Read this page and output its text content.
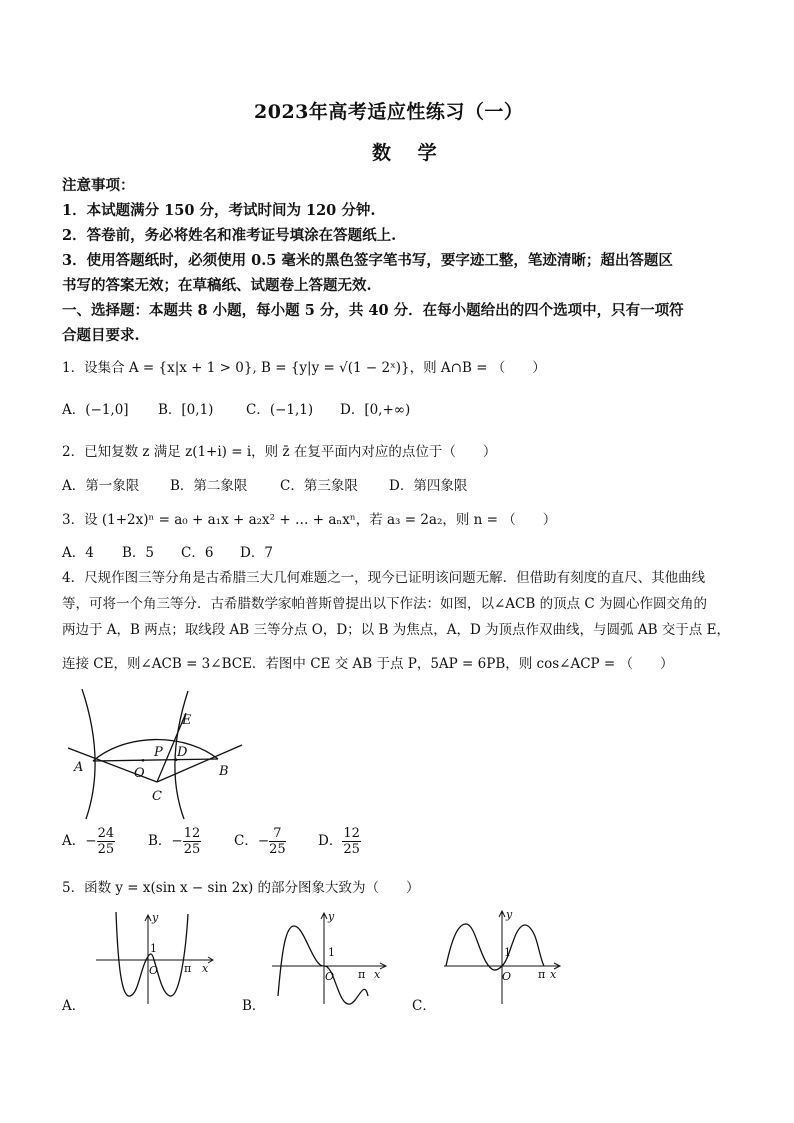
2023年高考适应性练习（一）
数 学
注意事项：
1．本试题满分 150 分，考试时间为 120 分钟.
2．答卷前，务必将姓名和准考证号填涂在答题纸上.
3．使用答题纸时，必须使用 0.5 毫米的黑色签字笔书写，要字迹工整，笔迹清晰；超出答题区
书写的答案无效；在草稿纸、试题卷上答题无效.
一、选择题：本题共 8 小题，每小题 5 分，共 40 分．在每小题给出的四个选项中，只有一项符
合题目要求.
1．设集合 A = {x|x + 1 > 0}, B = {y|y = √(1 − 2ˣ)}，则 A∩B = （　　）
A．(−1,0] B．[0,1) C．(−1,1) D．[0,+∞)
2．已知复数 z 满足 z(1+i) = i，则 z̄ 在复平面内对应的点位于（　　）
A．第一象限 B．第二象限 C．第三象限 D．第四象限
3．设 (1+2x)ⁿ = a₀ + a₁x + a₂x² + … + aₙxⁿ，若 a₃ = 2a₂，则 n = （　　）
A．4 B．5 C．6 D．7
4．尺规作图三等分角是古希腊三大几何难题之一，现今已证明该问题无解．但借助有刻度的直尺、其他曲线
等，可将一个角三等分．古希腊数学家帕普斯曾提出以下作法：如图，以∠ACB 的顶点 C 为圆心作圆交角的
两边于 A，B 两点；取线段 AB 三等分点 O，D；以 B 为焦点，A，D 为顶点作双曲线，与圆弧 AB 交于点 E，
连接 CE，则∠ACB = 3∠BCE．若图中 CE 交 AB 于点 P，5AP = 6PB，则 cos∠ACP = （　　）
A	O
P D
E
B
C
A．− $\frac{24}{25}$ B．− $\frac{12}{25}$ C．− $\frac{7}{25}$ D． $\frac{12}{25}$
5．函数 y = x(sin x − sin 2x) 的部分图象大致为（　　）
y
x
1
O π
A．
y
x
1
O π
B．
y
x
1
O π
C．
